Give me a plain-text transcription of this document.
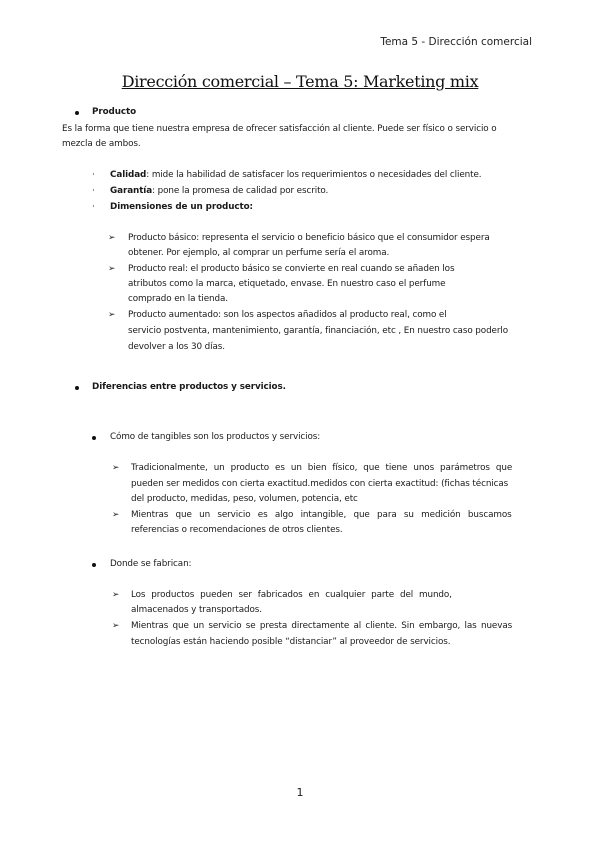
Tema 5 - Dirección comercial
Dirección comercial – Tema 5: Marketing mix
Producto
Es la forma que tiene nuestra empresa de ofrecer satisfacción al cliente. Puede ser físico o servicio o
mezcla de ambos.
· Calidad: mide la habilidad de satisfacer los requerimientos o necesidades del cliente.
· Garantía: pone la promesa de calidad por escrito.
· Dimensiones de un producto:
➢ Producto básico: representa el servicio o beneficio básico que el consumidor espera
obtener. Por ejemplo, al comprar un perfume sería el aroma.
➢ Producto real: el producto básico se convierte en real cuando se añaden los
atributos como la marca, etiquetado, envase. En nuestro caso el perfume
comprado en la tienda.
➢ Producto aumentado: son los aspectos añadidos al producto real, como el
servicio postventa, mantenimiento, garantía, financiación, etc , En nuestro caso poderlo
devolver a los 30 días.
Diferencias entre productos y servicios.
Cómo de tangibles son los productos y servicios:
➢ Tradicionalmente, un producto es un bien físico, que tiene unos parámetros que
pueden ser medidos con cierta exactitud.medidos con cierta exactitud: (fichas técnicas
del producto, medidas, peso, volumen, potencia, etc
➢ Mientras que un servicio es algo intangible, que para su medición buscamos
referencias o recomendaciones de otros clientes.
Donde se fabrican:
➢ Los productos pueden ser fabricados en cualquier parte del mundo,
almacenados y transportados.
➢ Mientras que un servicio se presta directamente al cliente. Sin embargo, las nuevas
tecnologías están haciendo posible “distanciar” al proveedor de servicios.
1
